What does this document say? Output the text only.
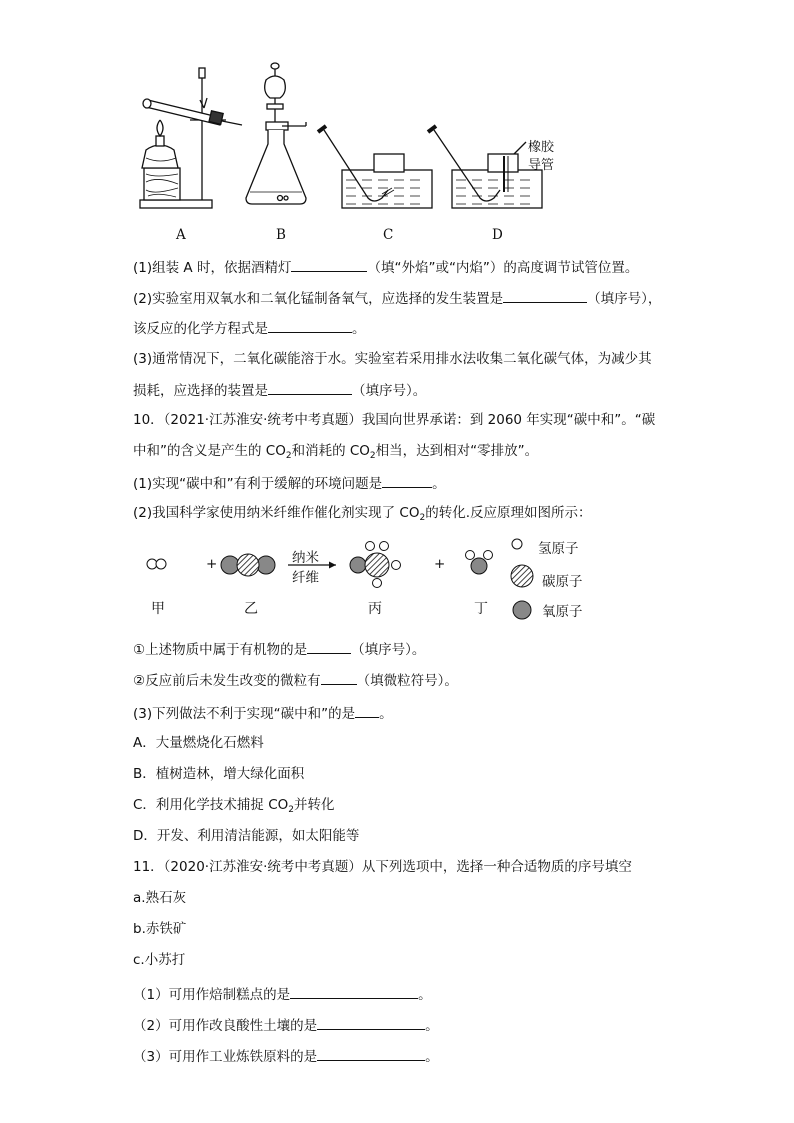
橡胶
导管
A	B	C	D
(1)组装 A 时，依据酒精灯	（填“外焰”或“内焰”）的高度调节试管位置。
(2)实验室用双氧水和二氧化锰制备氧气，应选择的发生装置是	（填序号），
该反应的化学方程式是	。
(3)通常情况下，二氧化碳能溶于水。实验室若采用排水法收集二氧化碳气体，为减少其
损耗，应选择的装置是	（填序号）。
10．（2021·江苏淮安·统考中考真题）我国向世界承诺：到 2060 年实现“碳中和”。“碳
中和”的含义是产生的 $CO_2$和消耗的 $CO_2$相当，达到相对“零排放”。
(1)实现“碳中和”有利于缓解的环境问题是	。
(2)我国科学家使用纳米纤维作催化剂实现了 $CO_2$的转化.反应原理如图所示：
+	+
纳米
纤维
氢原子
碳原子
氧原子
甲	乙	丙	丁
①上述物质中属于有机物的是	（填序号）。
②反应前后未发生改变的微粒有	（填微粒符号）。
(3)下列做法不利于实现“碳中和”的是 。
A．大量燃烧化石燃料
B．植树造林，增大绿化面积
C．利用化学技术捕捉 $CO_2$并转化
D．开发、利用清洁能源，如太阳能等
11．（2020·江苏淮安·统考中考真题）从下列选项中，选择一种合适物质的序号填空
a.熟石灰
b.赤铁矿
c.小苏打
（1）可用作焙制糕点的是	。
（2）可用作改良酸性土壤的是	。
（3）可用作工业炼铁原料的是	。
